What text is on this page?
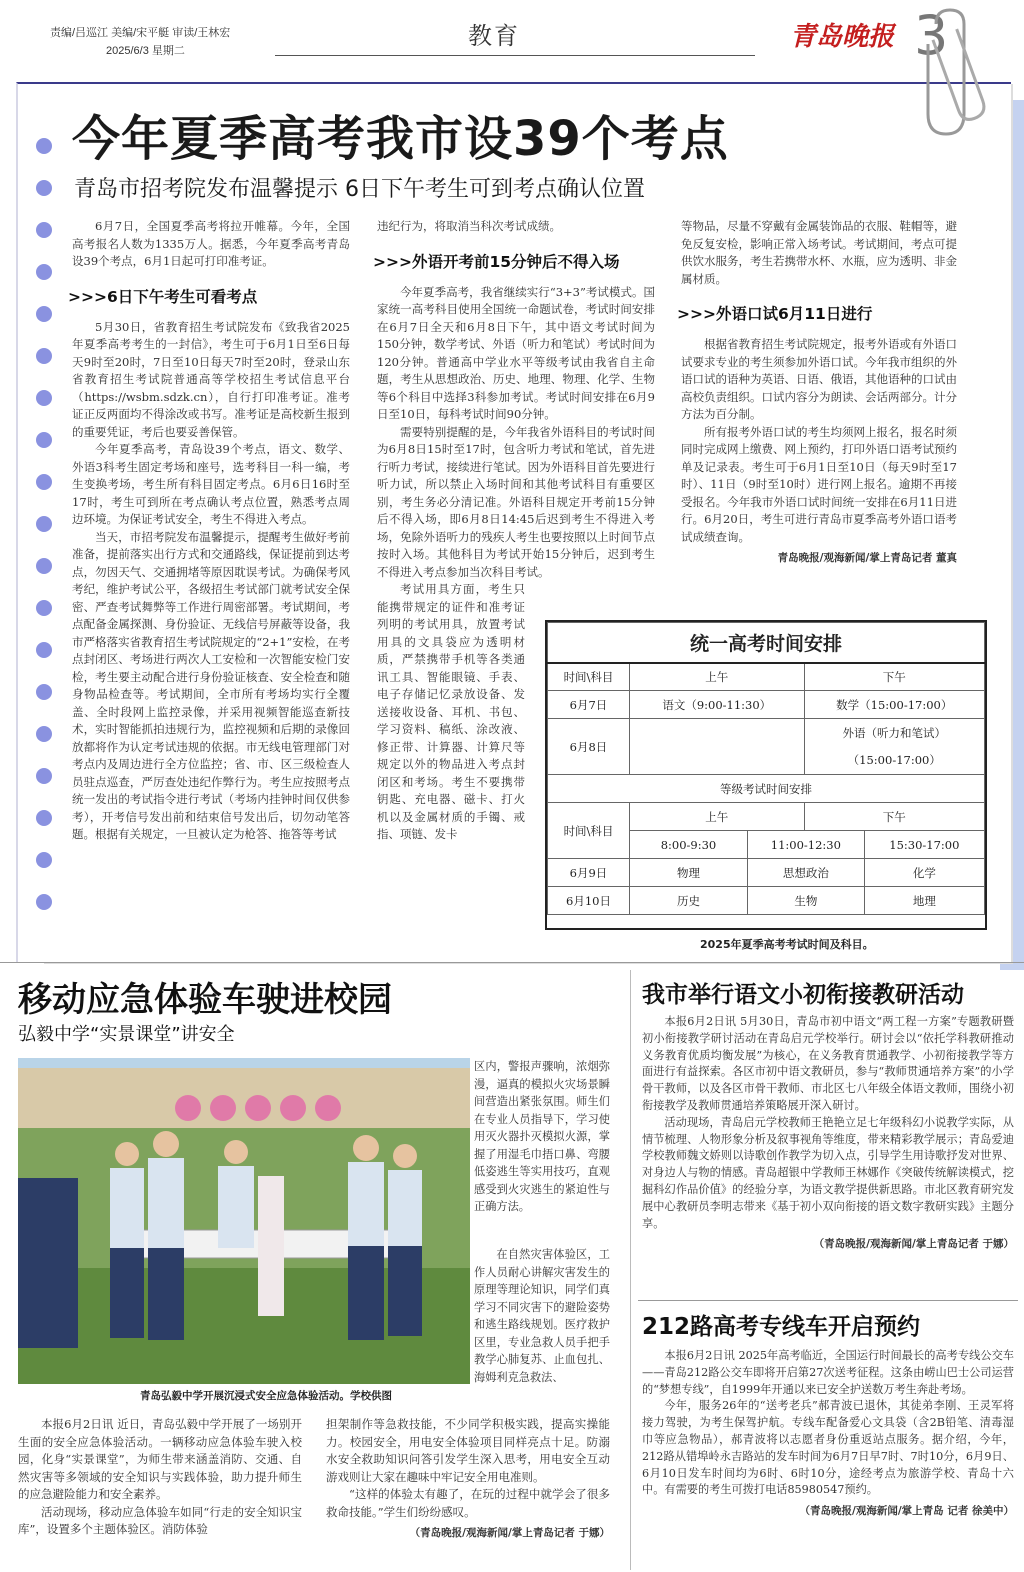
责编/吕巡江 美编/宋平艇 审读/王林宏
2025/6/3 星期二
教育	青岛晚报 3
今年夏季高考我市设39个考点
青岛市招考院发布温馨提示 6日下午考生可到考点确认位置

6月7日，全国夏季高考将拉开帷幕。今年，全国高考报名人数为1335万人。据悉，今年夏季高考青岛设39个考点，6月1日起可打印准考证。

>>>6日下午考生可看考点

5月30日，省教育招生考试院发布《致我省2025年夏季高考考生的一封信》，考生可于6月1日至6日每天9时至20时，7日至10日每天7时至20时，登录山东省教育招生考试院普通高等学校招生考试信息平台（https://wsbm.sdzk.cn），自行打印准考证。准考证正反两面均不得涂改或书写。准考证是高校新生报到的重要凭证，考后也要妥善保管。

今年夏季高考，青岛设39个考点，语文、数学、外语3科考生固定考场和座号，选考科目一科一编，考生变换考场，考生所有科目固定考点。6月6日16时至17时，考生可到所在考点确认考点位置，熟悉考点周边环境。为保证考试安全，考生不得进入考点。

当天，市招考院发布温馨提示，提醒考生做好考前准备，提前落实出行方式和交通路线，保证提前到达考点，勿因天气、交通拥堵等原因耽误考试。为确保考风考纪，维护考试公平，各级招生考试部门就考试安全保密、严查考试舞弊等工作进行周密部署。考试期间，考点配备金属探测、身份验证、无线信号屏蔽等设备，我市严格落实省教育招生考试院规定的“2+1”安检，在考点封闭区、考场进行两次人工安检和一次智能安检门安检，考生要主动配合进行身份验证核查、安全检查和随身物品检查等。考试期间，全市所有考场均实行全覆盖、全时段网上监控录像，并采用视频智能巡查新技术，实时智能抓拍违规行为，监控视频和后期的录像回放都将作为认定考试违规的依据。市无线电管理部门对考点内及周边进行全方位监控；省、市、区三级检查人员驻点巡查，严厉查处违纪作弊行为。考生应按照考点统一发出的考试指令进行考试（考场内挂钟时间仅供参考），开考信号发出前和结束信号发出后，切勿动笔答题。根据有关规定，一旦被认定为枪答、拖答等考试

违纪行为，将取消当科次考试成绩。

>>>外语开考前15分钟后不得入场

今年夏季高考，我省继续实行“3+3”考试模式。国家统一高考科目使用全国统一命题试卷，考试时间安排在6月7日全天和6月8日下午，其中语文考试时间为150分钟，数学考试、外语（听力和笔试）考试时间为120分钟。普通高中学业水平等级考试由我省自主命题，考生从思想政治、历史、地理、物理、化学、生物等6个科目中选择3科参加考试。考试时间安排在6月9日至10日，每科考试时间90分钟。

需要特别提醒的是，今年我省外语科目的考试时间为6月8日15时至17时，包含听力考试和笔试，首先进行听力考试，接续进行笔试。因为外语科目首先要进行听力试，所以禁止入场时间和其他考试科目有重要区别，考生务必分清记准。外语科目规定开考前15分钟后不得入场，即6月8日14:45后迟到考生不得进入考场，免除外语听力的残疾人考生也要按照以上时间节点按时入场。其他科目为考试开始15分钟后，迟到考生不得进入考点参加当次科目考试。

考试用具方面，考生只能携带规定的证件和准考证列明的考试用具，放置考试用具的文具袋应为透明材质，严禁携带手机等各类通讯工具、智能眼镜、手表、电子存储记忆录放设备、发送接收设备、耳机、书包、学习资料、稿纸、涂改液、修正带、计算器、计算尺等规定以外的物品进入考点封闭区和考场。考生不要携带钥匙、充电器、磁卡、打火机以及金属材质的手镯、戒指、项链、发卡

等物品，尽量不穿戴有金属装饰品的衣服、鞋帽等，避免反复安检，影响正常入场考试。考试期间，考点可提供饮水服务，考生若携带水杯、水瓶，应为透明、非金属材质。

>>>外语口试6月11日进行

根据省教育招生考试院规定，报考外语或有外语口试要求专业的考生须参加外语口试。今年我市组织的外语口试的语种为英语、日语、俄语，其他语种的口试由高校负责组织。口试内容分为朗读、会话两部分。计分方法为百分制。

所有报考外语口试的考生均须网上报名，报名时须同时完成网上缴费、网上预约，打印外语口语考试预约单及记录表。考生可于6月1日至10日（每天9时至17时）、11日（9时至10时）进行网上报名。逾期不再接受报名。今年我市外语口试时间统一安排在6月11日进行。6月20日，考生可进行青岛市夏季高考外语口语考试成绩查询。

青岛晚报/观海新闻/掌上青岛记者 董真
统一高考时间安排				
时间\科目	上午		下午	
6月7日	语文（9:00-11:30）		数学（15:00-17:00）	
6月8日			外语（听力和笔试）	
			（15:00-17:00）	
等级考试时间安排				
时间\科目	上午		下午	
	8:00-9:30	11:00-12:30		15:30-17:00
6月9日	物理	思想政治		化学
6月10日	历史	生物		地理
2025年夏季高考考试时间及科目。
移动应急体验车驶进校园
弘毅中学“实景课堂”讲安全
青岛弘毅中学开展沉浸式安全应急体验活动。学校供图

区内，警报声骤响，浓烟弥漫，逼真的模拟火灾场景瞬间营造出紧张氛围。师生们在专业人员指导下，学习使用灭火器扑灭模拟火源，掌握了用湿毛巾捂口鼻、弯腰低姿逃生等实用技巧，直观感受到火灾逃生的紧迫性与正确方法。

在自然灾害体验区，工作人员耐心讲解灾害发生的原理等理论知识，同学们真学习不同灾害下的避险姿势和逃生路线规划。医疗救护区里，专业急救人员手把手教学心肺复苏、止血包扎、海姆利克急救法、

本报6月2日讯 近日，青岛弘毅中学开展了一场别开生面的安全应急体验活动。一辆移动应急体验车驶入校园，化身“实景课堂”，为师生带来涵盖消防、交通、自然灾害等多领域的安全知识与实践体验，助力提升师生的应急避险能力和安全素养。

活动现场，移动应急体验车如同“行走的安全知识宝库”，设置多个主题体验区。消防体验

担架制作等急救技能，不少同学积极实践，提高实操能力。校园安全，用电安全体验项目同样亮点十足。防溺水安全救助知识问答引发学生深入思考，用电安全互动游戏则让大家在趣味中牢记安全用电准则。

“这样的体验太有趣了，在玩的过程中就学会了很多救命技能。”学生们纷纷感叹。

（青岛晚报/观海新闻/掌上青岛记者 于娜）
我市举行语文小初衔接教研活动

本报6月2日讯 5月30日，青岛市初中语文“两工程一方案”专题教研暨初小衔接教学研讨活动在青岛启元学校举行。研讨会以“依托学科教研推动义务教育优质均衡发展”为核心，在义务教育贯通教学、小初衔接教学等方面进行有益探索。各区市初中语文教研员，参与“教师贯通培养方案”的小学骨干教师，以及各区市骨干教师、市北区七八年级全体语文教师，围绕小初衔接教学及教师贯通培养策略展开深入研讨。

活动现场，青岛启元学校教师王艳艳立足七年级科幻小说教学实际，从情节梳理、人物形象分析及叙事视角等维度，带来精彩教学展示；青岛爱迪学校教师魏文娇则以诗歌创作教学为切入点，引导学生用诗歌抒发对世界、对身边人与物的情感。青岛超银中学教师王林娜作《突破传统解读模式，挖掘科幻作品价值》的经验分享，为语文教学提供新思路。市北区教育研究发展中心教研员李明志带来《基于初小双向衔接的语文数字教研实践》主题分享。

（青岛晚报/观海新闻/掌上青岛记者 于娜）
212路高考专线车开启预约

本报6月2日讯 2025年高考临近，全国运行时间最长的高考专线公交车——青岛212路公交车即将开启第27次送考征程。这条由崂山巴士公司运营的“梦想专线”，自1999年开通以来已安全护送数万考生奔赴考场。

今年，服务26年的“送考老兵”郝青波已退休，其徒弟李刚、王灵军将接力驾驶，为考生保驾护航。专线车配备爱心文具袋（含2B铅笔、清毒湿巾等应急物品），郝青波将以志愿者身份重返站点服务。据介绍，今年，212路从错埠岭永吉路站的发车时间为6月7日早7时、7时10分，6月9日、6月10日发车时间均为6时、6时10分，途经考点为旅游学校、青岛十六中。有需要的考生可拨打电话85980547预约。

（青岛晚报/观海新闻/掌上青岛 记者 徐美中）
